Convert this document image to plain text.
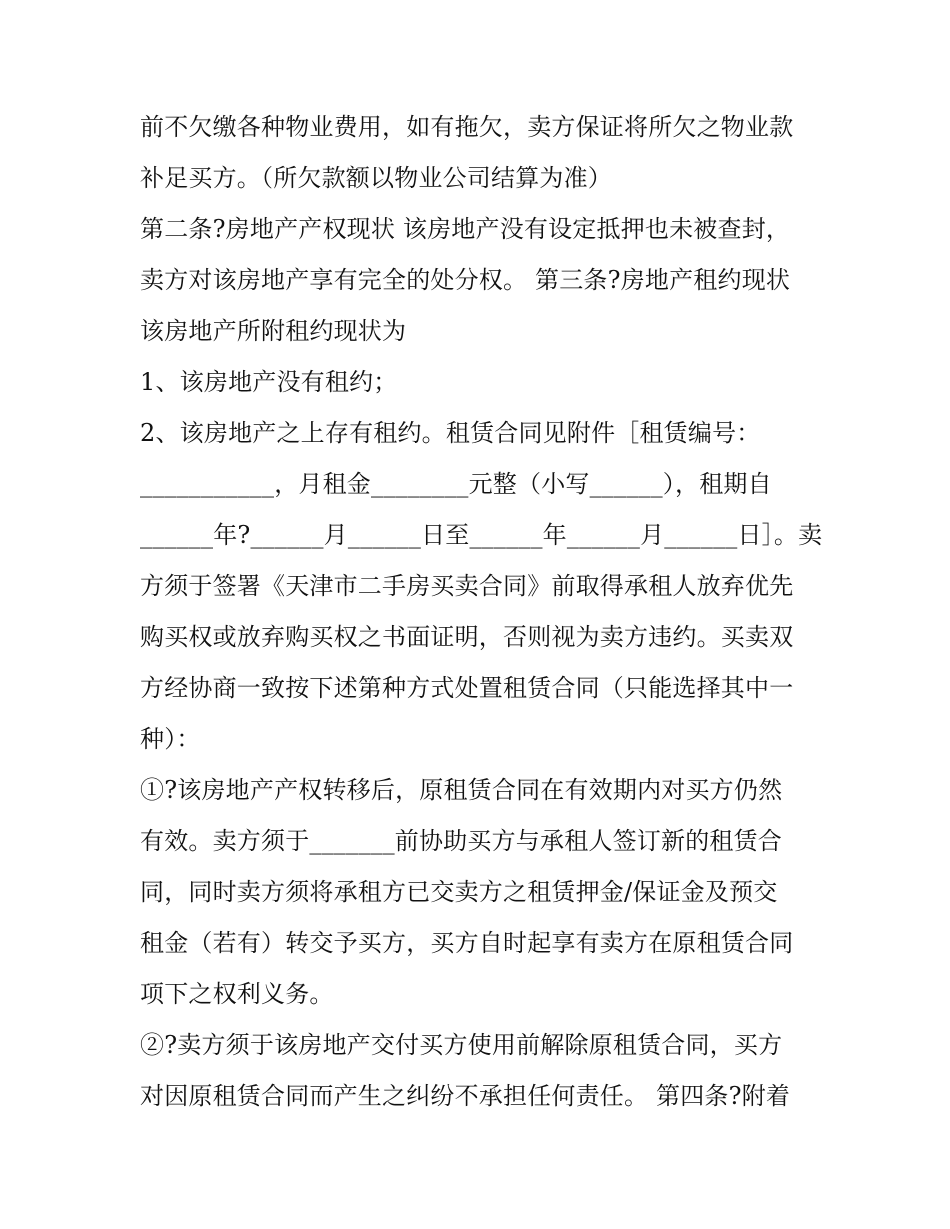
前不欠缴各种物业费用，如有拖欠，卖方保证将所欠之物业款
补足买方。（所欠款额以物业公司结算为准）
第二条?房地产产权现状 该房地产没有设定抵押也未被查封，
卖方对该房地产享有完全的处分权。 第三条?房地产租约现状
该房地产所附租约现状为
1、该房地产没有租约；
2、该房地产之上存有租约。租赁合同见附件［租赁编号：
___________，月租金________元整（小写______），租期自
______年?______月______日至______年______月______日］。卖
方须于签署《天津市二手房买卖合同》前取得承租人放弃优先
购买权或放弃购买权之书面证明，否则视为卖方违约。买卖双
方经协商一致按下述第种方式处置租赁合同（只能选择其中一
种）：
①?该房地产产权转移后，原租赁合同在有效期内对买方仍然
有效。卖方须于_______前协助买方与承租人签订新的租赁合
同，同时卖方须将承租方已交卖方之租赁押金/保证金及预交
租金（若有）转交予买方，买方自时起享有卖方在原租赁合同
项下之权利义务。
②?卖方须于该房地产交付买方使用前解除原租赁合同，买方
对因原租赁合同而产生之纠纷不承担任何责任。 第四条?附着
